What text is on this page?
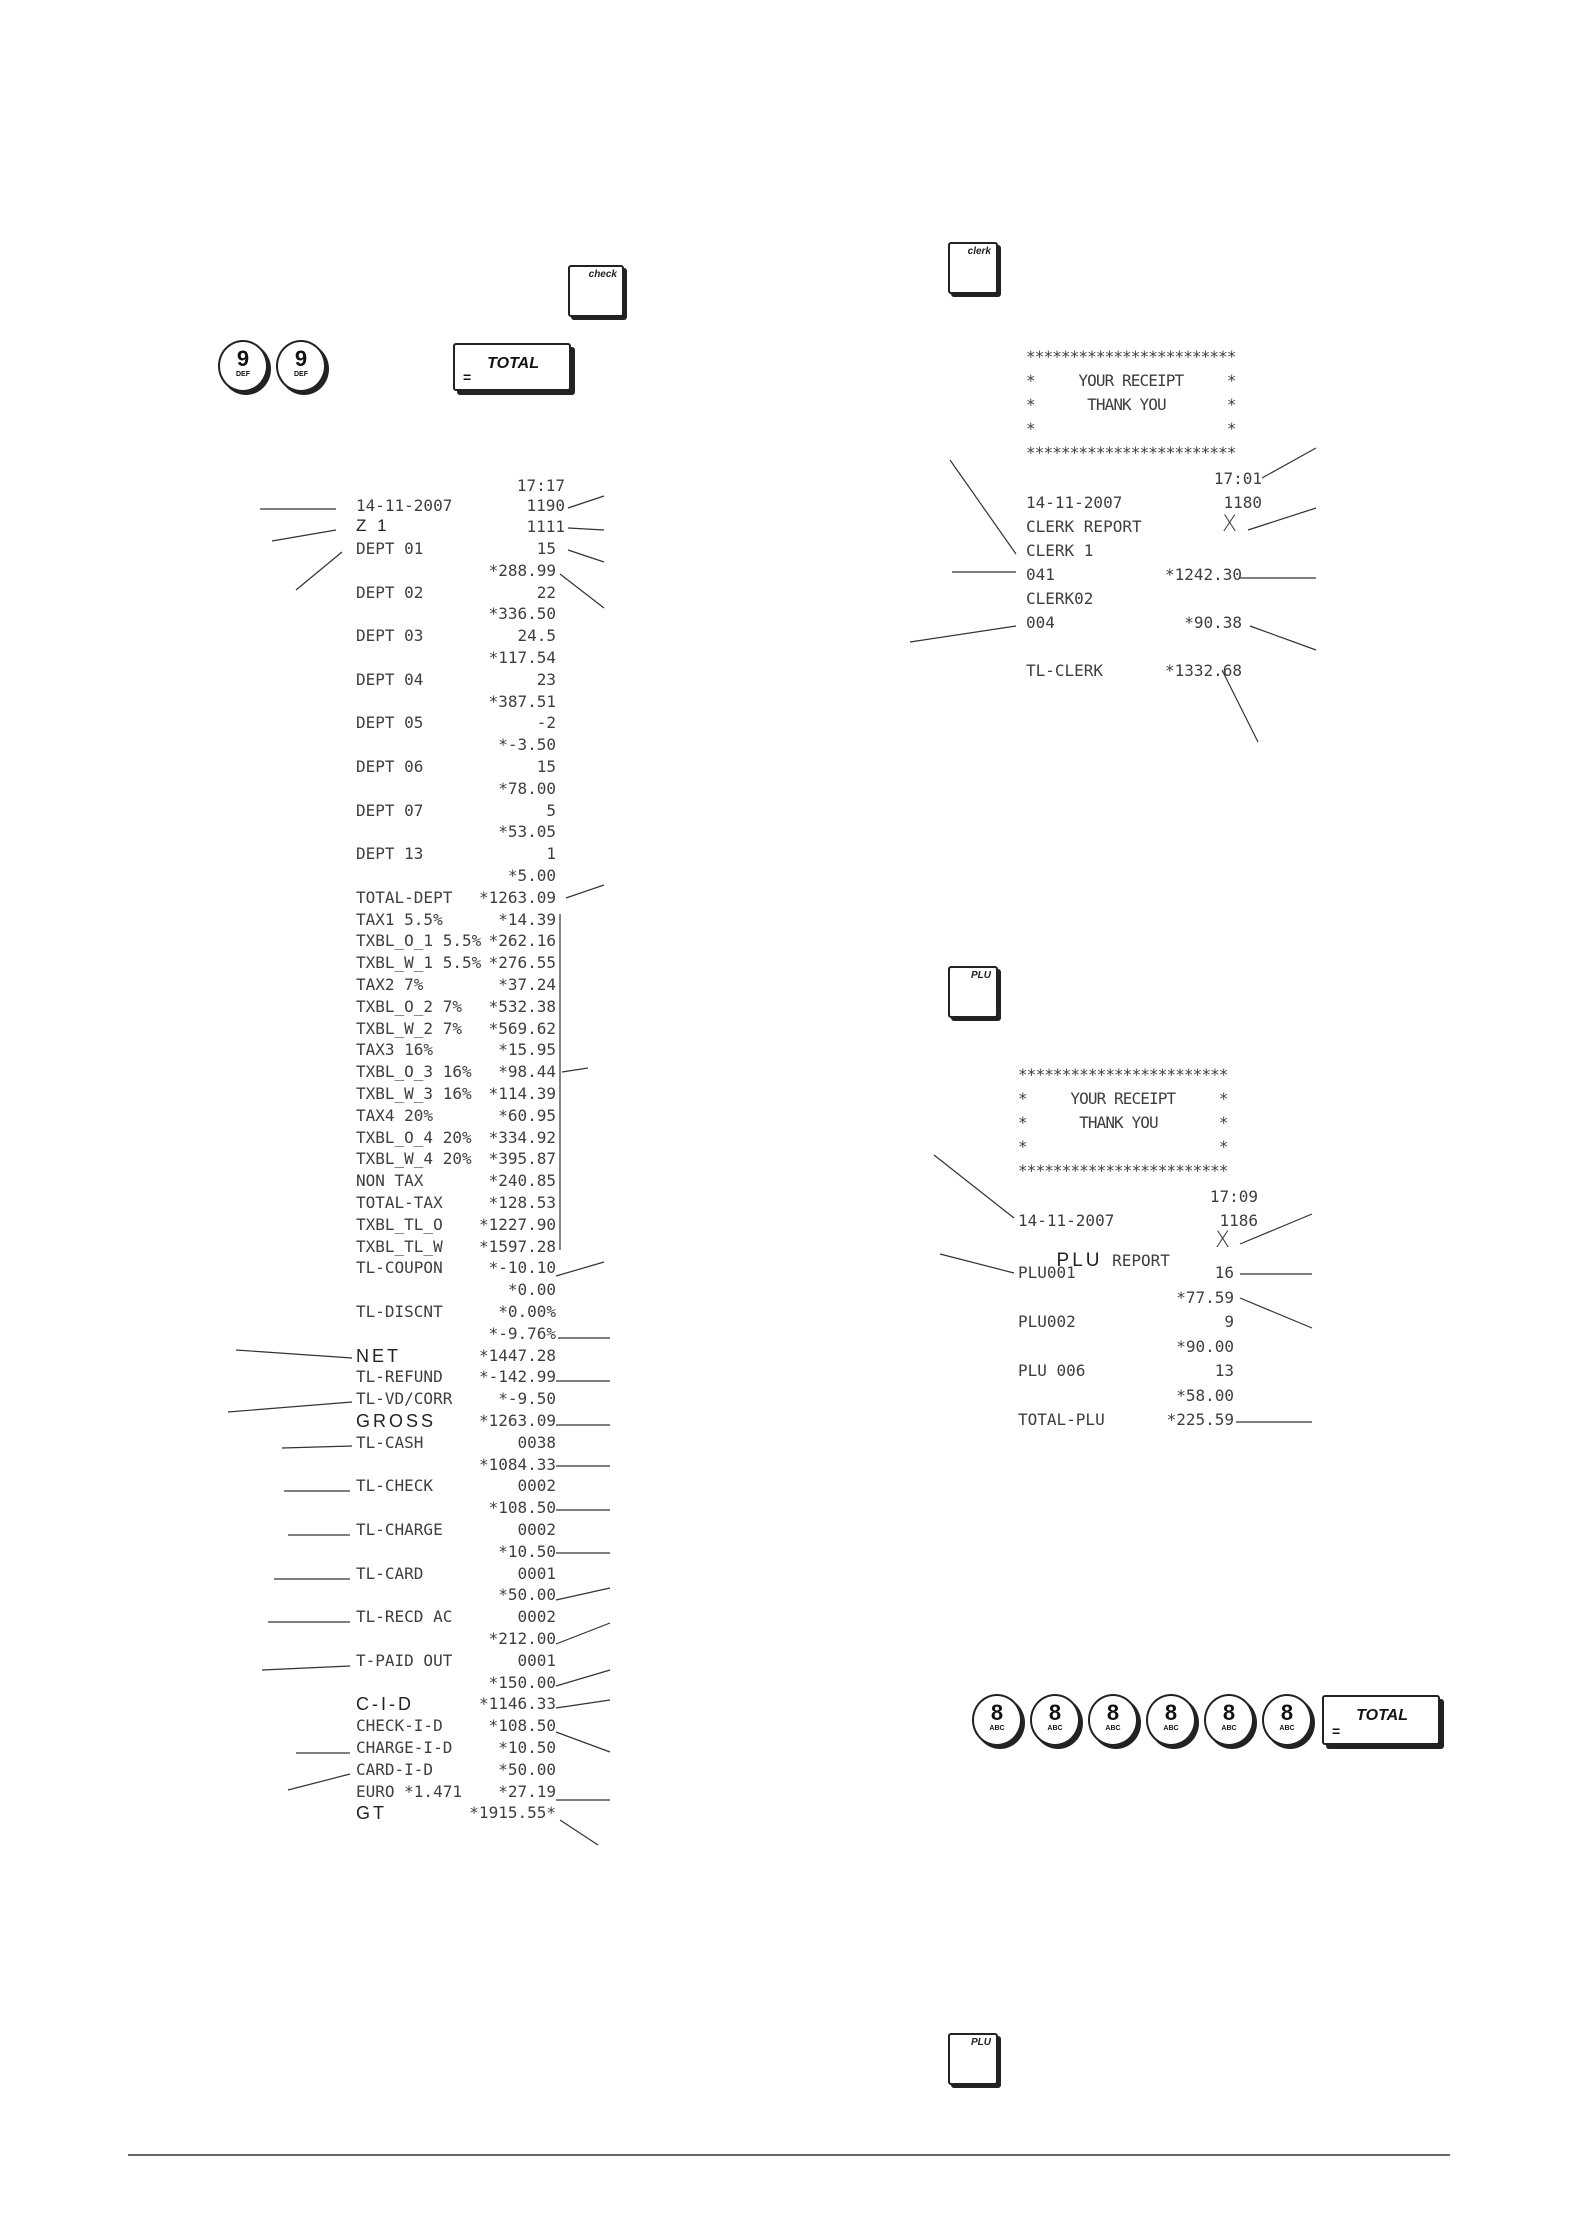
check
9
DEF
9
DEF
TOTAL
=
17:17
14-11-2007	1190
Z 1	1111
DEPT 01	15
*288.99
DEPT 02	22
*336.50
DEPT 03	24.5
*117.54
DEPT 04	23
*387.51
DEPT 05	-2
*-3.50
DEPT 06	15
*78.00
DEPT 07	5
*53.05
DEPT 13	1
*5.00
TOTAL-DEPT	*1263.09
TAX1 5.5%	*14.39
TXBL_O_1 5.5% *262.16
TXBL_W_1 5.5% *276.55
TAX2 7%	*37.24
TXBL_O_2 7%	*532.38
TXBL_W_2 7%	*569.62
TAX3 16%	*15.95
TXBL_O_3 16%	*98.44
TXBL_W_3 16%	*114.39
TAX4 20%	*60.95
TXBL_O_4 20%	*334.92
TXBL_W_4 20%	*395.87
NON TAX	*240.85
TOTAL-TAX	*128.53
TXBL_TL_O	*1227.90
TXBL_TL_W	*1597.28
TL-COUPON	*-10.10
*0.00
TL-DISCNT	*0.00%
*-9.76%
NET	*1447.28
TL-REFUND	*-142.99
TL-VD/CORR	*-9.50
GROSS	*1263.09
TL-CASH	0038
*1084.33
TL-CHECK	0002
*108.50
TL-CHARGE	0002
*10.50
TL-CARD	0001
*50.00
TL-RECD AC	0002
*212.00
T-PAID OUT	0001
*150.00
C-I-D	*1146.33
CHECK-I-D	*108.50
CHARGE-I-D	*10.50
CARD-I-D	*50.00
EURO *1.471	*27.19
GT	*1915.55*
clerk
************************
*     YOUR RECEIPT     *
*      THANK YOU       *
*                      *
************************
17:01
14-11-2007	1180
CLERK REPORT	X
CLERK 1
041	*1242.30
CLERK02
004	*90.38
TL-CLERK	*1332.68
PLU
************************
*     YOUR RECEIPT     *
*      THANK YOU       *
*                      *
************************
17:09
14-11-2007	1186

PLU REPORT

X
PLU001	16
*77.59
PLU002	9
*90.00
PLU 006	13
*58.00
TOTAL-PLU	*225.59
8
ABC
8
ABC
8
ABC
8
ABC
8
ABC
8
ABC
TOTAL
=
PLU
